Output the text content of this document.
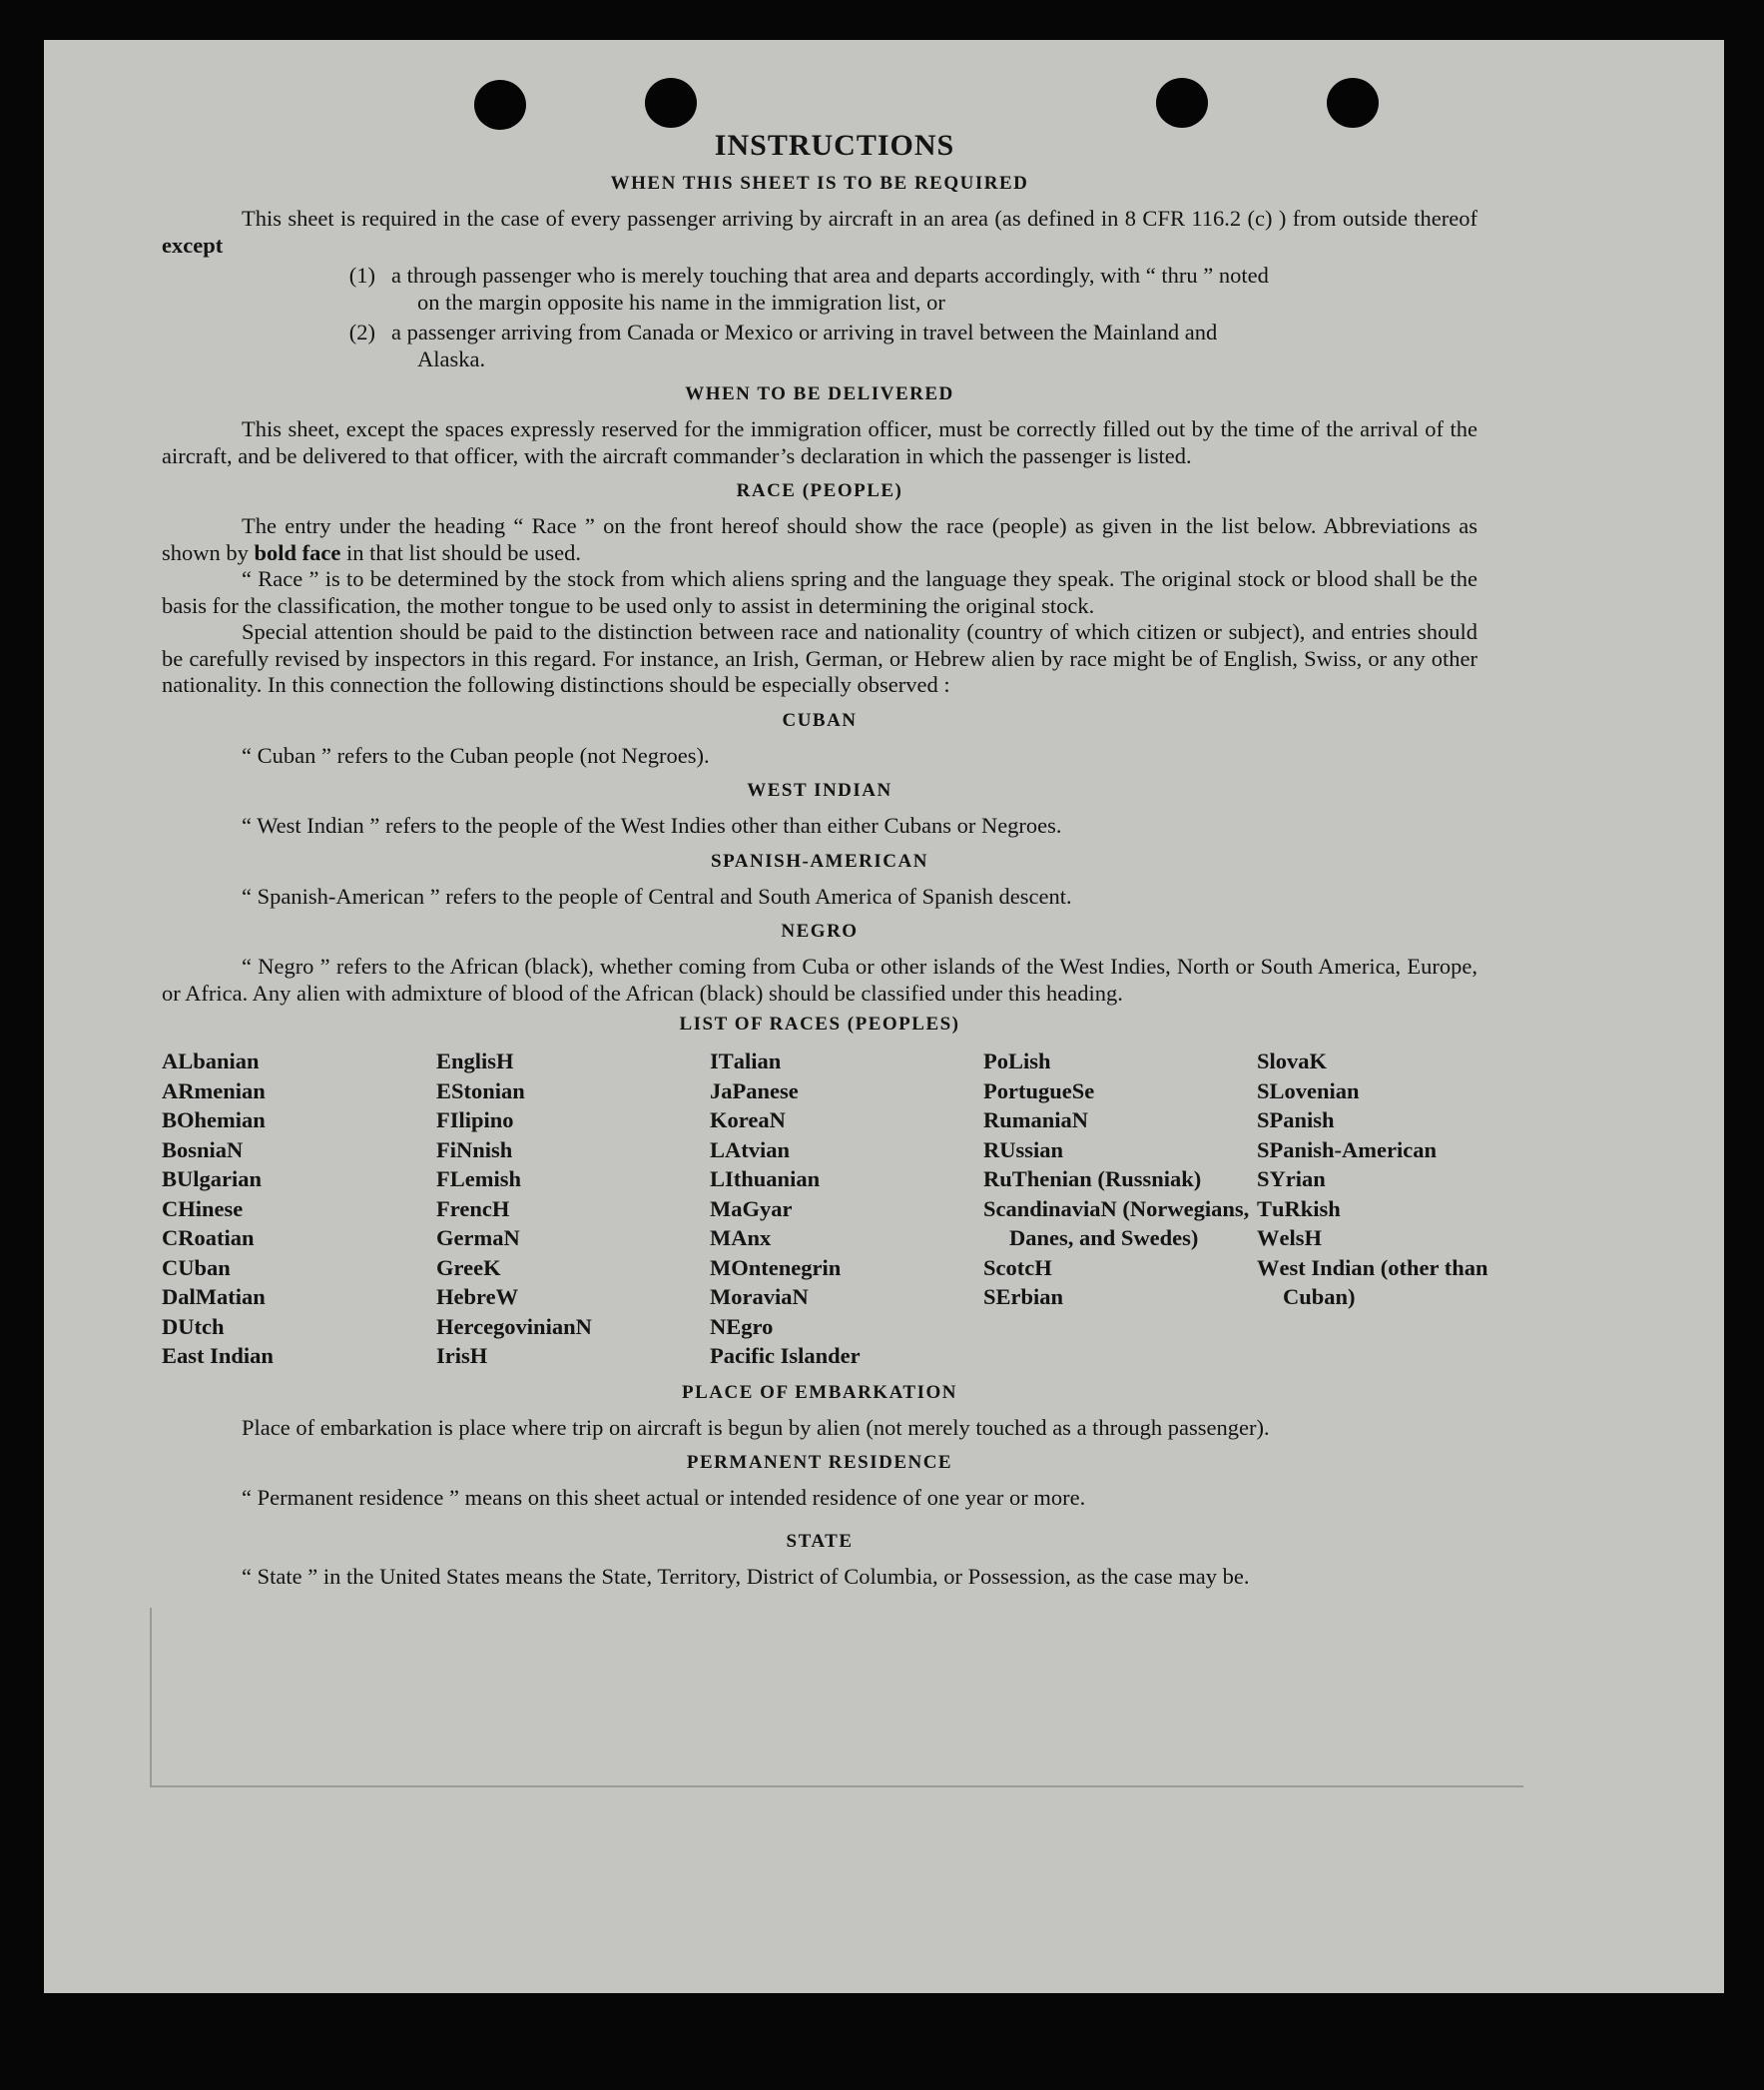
INSTRUCTIONS
WHEN THIS SHEET IS TO BE REQUIRED

This sheet is required in the case of every passenger arriving by aircraft in an area (as defined in 8 CFR 116.2 (c) ) from outside thereof except

(1) a through passenger who is merely touching that area and departs accordingly, with “ thru ” noted
on the margin opposite his name in the immigration list, or
(2) a passenger arriving from Canada or Mexico or arriving in travel between the Mainland and
Alaska.
WHEN TO BE DELIVERED

This sheet, except the spaces expressly reserved for the immigration officer, must be correctly filled out by the time of the arrival of the aircraft, and be delivered to that officer, with the aircraft commander’s declaration in which the passenger is listed.

RACE (PEOPLE)

The entry under the heading “ Race ” on the front hereof should show the race (people) as given in the list below. Abbreviations as shown by bold face in that list should be used.

“ Race ” is to be determined by the stock from which aliens spring and the language they speak. The original stock or blood shall be the basis for the classification, the mother tongue to be used only to assist in determining the original stock.

Special attention should be paid to the distinction between race and nationality (country of which citizen or subject), and entries should be carefully revised by inspectors in this regard. For instance, an Irish, German, or Hebrew alien by race might be of English, Swiss, or any other nationality. In this connection the following distinctions should be especially observed :

CUBAN

“ Cuban ” refers to the Cuban people (not Negroes).

WEST INDIAN

“ West Indian ” refers to the people of the West Indies other than either Cubans or Negroes.

SPANISH-AMERICAN

“ Spanish-American ” refers to the people of Central and South America of Spanish descent.

NEGRO

“ Negro ” refers to the African (black), whether coming from Cuba or other islands of the West Indies, North or South America, Europe, or Africa. Any alien with admixture of blood of the African (black) should be classified under this heading.

LIST OF RACES (PEOPLES)
ALbanian
ARmenian
BOhemian
BosniaN
BUlgarian
CHinese
CRoatian
CUban
DalMatian
DUtch
East Indian
EnglisH
EStonian
FIlipino
FiNnish
FLemish
FrencH
GermaN
GreeK
HebreW
HercegovinianN
IrisH
ITalian
JaPanese
KoreaN
LAtvian
LIthuanian
MaGyar
MAnx
MOntenegrin
MoraviaN
NEgro
Pacific Islander
PoLish
PortugueSe
RumaniaN
RUssian
RuThenian (Russniak)
ScandinaviaN (Norwegians, Danes, and Swedes)
ScotcH
SErbian
SlovaK
SLovenian
SPanish
SPanish-American
SYrian
TuRkish
WelsH
West Indian (other than Cuban)
PLACE OF EMBARKATION

Place of embarkation is place where trip on aircraft is begun by alien (not merely touched as a through passenger).

PERMANENT RESIDENCE

“ Permanent residence ” means on this sheet actual or intended residence of one year or more.

STATE

“ State ” in the United States means the State, Territory, District of Columbia, or Possession, as the case may be.
